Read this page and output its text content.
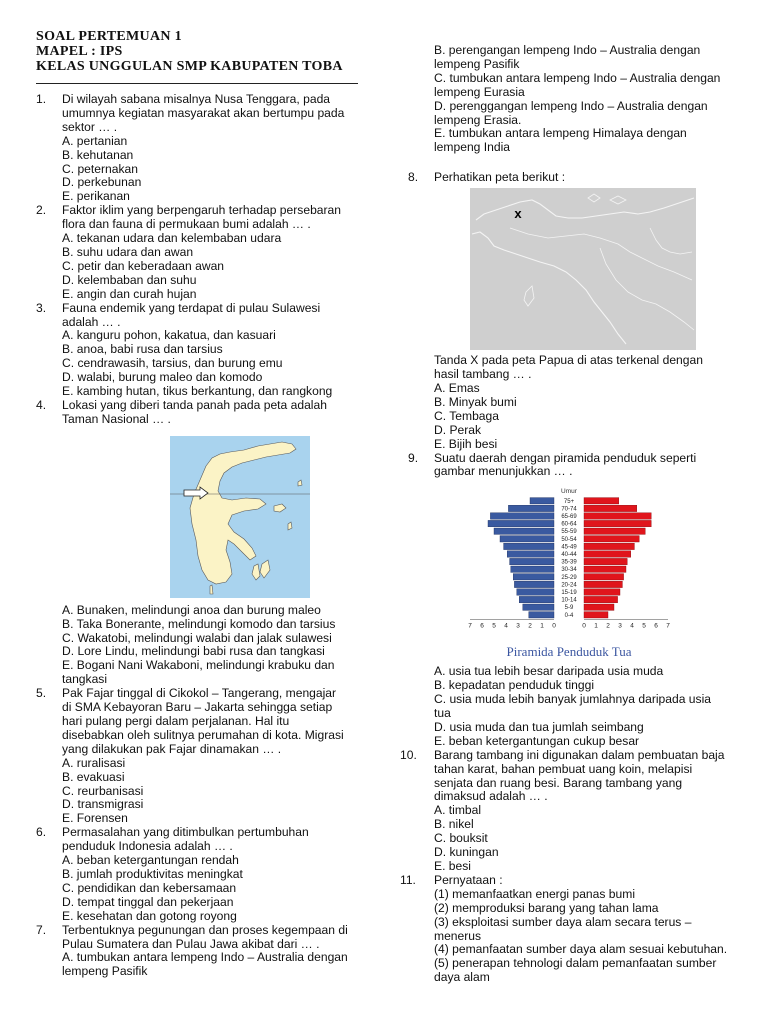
SOAL PERTEMUAN 1
MAPEL : IPS
KELAS UNGGULAN SMP KABUPATEN TOBA
1. Di wilayah sabana misalnya Nusa Tenggara, pada
umumnya kegiatan masyarakat akan bertumpu pada
sektor … .
A. pertanian
B. kehutanan
C. peternakan
D. perkebunan
E. perikanan
2. Faktor iklim yang berpengaruh terhadap persebaran
flora dan fauna di permukaan bumi adalah … .
A. tekanan udara dan kelembaban udara
B. suhu udara dan awan
C. petir dan keberadaan awan
D. kelembaban dan suhu
E. angin dan curah hujan
3. Fauna endemik yang terdapat di pulau Sulawesi
adalah … .
A. kanguru pohon, kakatua, dan kasuari
B. anoa, babi rusa dan tarsius
C. cendrawasih, tarsius, dan burung emu
D. walabi, burung maleo dan komodo
E. kambing hutan, tikus berkantung, dan rangkong
4. Lokasi yang diberi tanda panah pada peta adalah
Taman Nasional … .
A. Bunaken, melindungi anoa dan burung maleo
B. Taka Bonerante, melindungi komodo dan tarsius
C. Wakatobi, melindungi walabi dan jalak sulawesi
D. Lore Lindu, melindungi babi rusa dan tangkasi
E. Bogani Nani Wakaboni, melindungi krabuku dan
tangkasi
5. Pak Fajar tinggal di Cikokol – Tangerang, mengajar
di SMA Kebayoran Baru – Jakarta sehingga setiap
hari pulang pergi dalam perjalanan. Hal itu
disebabkan oleh sulitnya perumahan di kota. Migrasi
yang dilakukan pak Fajar dinamakan … .
A. ruralisasi
B. evakuasi
C. reurbanisasi
D. transmigrasi
E. Forensen
6. Permasalahan yang ditimbulkan pertumbuhan
penduduk Indonesia adalah … .
A. beban ketergantungan rendah
B. jumlah produktivitas meningkat
C. pendidikan dan kebersamaan
D. tempat tinggal dan pekerjaan
E. kesehatan dan gotong royong
7. Terbentuknya pegunungan dan proses kegempaan di
Pulau Sumatera dan Pulau Jawa akibat dari … .
A. tumbukan antara lempeng Indo – Australia dengan
lempeng Pasifik
B. perengangan lempeng Indo – Australia dengan
lempeng Pasifik
C. tumbukan antara lempeng Indo – Australia dengan
lempeng Eurasia
D. perenggangan lempeng Indo – Australia dengan
lempeng Erasia.
E. tumbukan antara lempeng Himalaya dengan
lempeng India
8. Perhatikan peta berikut :
x
Tanda X pada peta Papua di atas terkenal dengan
hasil tambang … .
A. Emas
B. Minyak bumi
C. Tembaga
D. Perak
E. Bijih besi
9. Suatu daerah dengan piramida penduduk seperti
gambar menunjukkan … .
0-4
5-9
10-14
15-19
20-24
25-29
30-34
35-39
40-44
45-49
50-54
55-59
60-64
65-69
70-74
75+
7 6 5 4 3 2 1 0	0 1 2 3 4 5 6 7
Umur
Piramida Penduduk Tua
A. usia tua lebih besar daripada usia muda
B. kepadatan penduduk tinggi
C. usia muda lebih banyak jumlahnya daripada usia
tua
D. usia muda dan tua jumlah seimbang
E. beban ketergantungan cukup besar
10. Barang tambang ini digunakan dalam pembuatan baja
tahan karat, bahan pembuat uang koin, melapisi
senjata dan ruang besi. Barang tambang yang
dimaksud adalah … .
A. timbal
B. nikel
C. bouksit
D. kuningan
E. besi
11. Pernyataan :
(1) memanfaatkan energi panas bumi
(2) memproduksi barang yang tahan lama
(3) eksploitasi sumber daya alam secara terus –
menerus
(4) pemanfaatan sumber daya alam sesuai kebutuhan.
(5) penerapan tehnologi dalam pemanfaatan sumber
daya alam
